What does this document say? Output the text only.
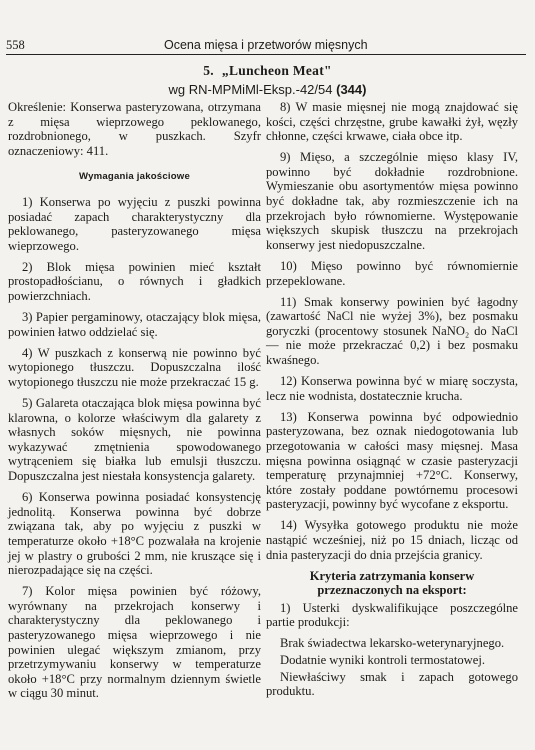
558	Ocena mięsa i przetworów mięsnych
5. „Luncheon Meat"
wg RN-MPMiMl-Eksp.-42/54 (344)

Określenie: Konserwa pasteryzowana, otrzymana z mięsa wieprzowego peklowanego, rozdrobnionego, w puszkach. Szyfr oznaczeniowy: 411.

Wymagania jakościowe

1) Konserwa po wyjęciu z puszki powinna posiadać zapach charakterystyczny dla peklowanego, pasteryzowanego mięsa wieprzowego.

2) Blok mięsa powinien mieć kształt prostopadłościanu, o równych i gładkich powierzchniach.

3) Papier pergaminowy, otaczający blok mięsa, powinien łatwo oddzielać się.

4) W puszkach z konserwą nie powinno być wytopionego tłuszczu. Dopuszczalna ilość wytopionego tłuszczu nie może przekraczać 15 g.

5) Galareta otaczająca blok mięsa powinna być klarowna, o kolorze właściwym dla galarety z własnych soków mięsnych, nie powinna wykazywać zmętnienia spowodowanego wytrąceniem się białka lub emulsji tłuszczu. Dopuszczalna jest niestała konsystencja galarety.

6) Konserwa powinna posiadać konsystencję jednolitą. Konserwa powinna być dobrze związana tak, aby po wyjęciu z puszki w temperaturze około +18°C pozwalała na krojenie jej w plastry o grubości 2 mm, nie kruszące się i nierozpadające się na części.

7) Kolor mięsa powinien być różowy, wyrównany na przekrojach konserwy i charakterystyczny dla peklowanego i pasteryzowanego mięsa wieprzowego i nie powinien ulegać większym zmianom, przy przetrzymywaniu konserwy w temperaturze około +18°C przy normalnym dziennym świetle w ciągu 30 minut.

8) W masie mięsnej nie mogą znajdować się kości, części chrzęstne, grube kawałki żył, węzły chłonne, części krwawe, ciała obce itp.

9) Mięso, a szczególnie mięso klasy IV, powinno być dokładnie rozdrobnione. Wymieszanie obu asortymentów mięsa powinno być dokładne tak, aby rozmieszczenie ich na przekrojach było równomierne. Występowanie większych skupisk tłuszczu na przekrojach konserwy jest niedopuszczalne.

10) Mięso powinno być równomiernie przepeklowane.

11) Smak konserwy powinien być łagodny (zawartość NaCl nie wyżej 3%), bez posmaku goryczki (procentowy stosunek NaNO₂ do NaCl — nie może przekraczać 0,2) i bez posmaku kwaśnego.

12) Konserwa powinna być w miarę soczysta, lecz nie wodnista, dostatecznie krucha.

13) Konserwa powinna być odpowiednio pasteryzowana, bez oznak niedogotowania lub przegotowania w całości masy mięsnej. Masa mięsna powinna osiągnąć w czasie pasteryzacji temperaturę przynajmniej +72°C. Konserwy, które zostały poddane powtórnemu procesowi pasteryzacji, powinny być wycofane z eksportu.

14) Wysyłka gotowego produktu nie może nastąpić wcześniej, niż po 15 dniach, licząc od dnia pasteryzacji do dnia przejścia granicy.

Kryteria zatrzymania konserw przeznaczonych na eksport:

1) Usterki dyskwalifikujące poszczególne partie produkcji:

Brak świadectwa lekarsko-weterynaryjnego.

Dodatnie wyniki kontroli termostatowej.

Niewłaściwy smak i zapach gotowego produktu.
